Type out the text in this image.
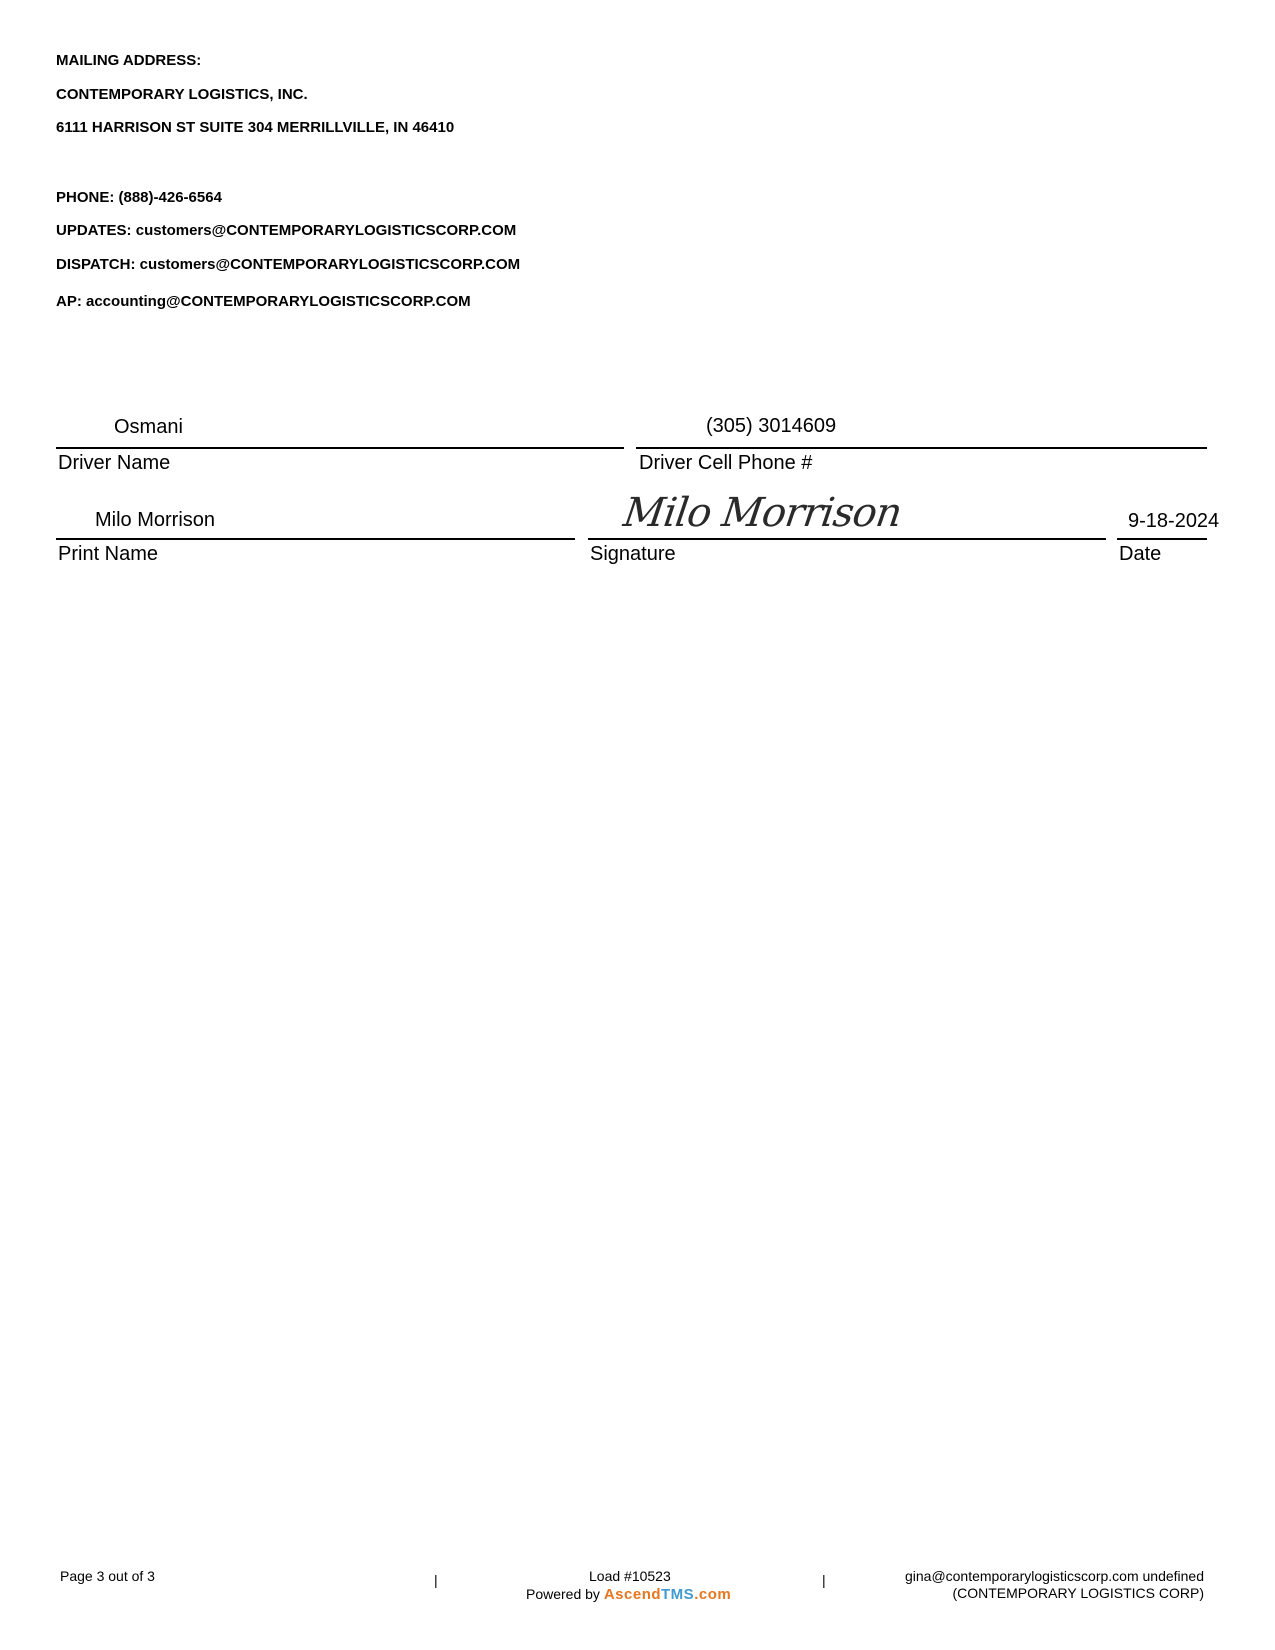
MAILING ADDRESS:
CONTEMPORARY LOGISTICS, INC.
6111 HARRISON ST SUITE 304 MERRILLVILLE, IN 46410
PHONE: (888)-426-6564
UPDATES: customers@CONTEMPORARYLOGISTICSCORP.COM
DISPATCH: customers@CONTEMPORARYLOGISTICSCORP.COM
AP: accounting@CONTEMPORARYLOGISTICSCORP.COM
Osmani
Driver Name
(305) 3014609
Driver Cell Phone #
Milo Morrison
Print Name
Milo Morrison
Signature
9-18-2024
Date
Page 3 out of 3	|	Load #10523
Powered by AscendTMS.com
|	gina@contemporarylogisticscorp.com undefined
(CONTEMPORARY LOGISTICS CORP)
